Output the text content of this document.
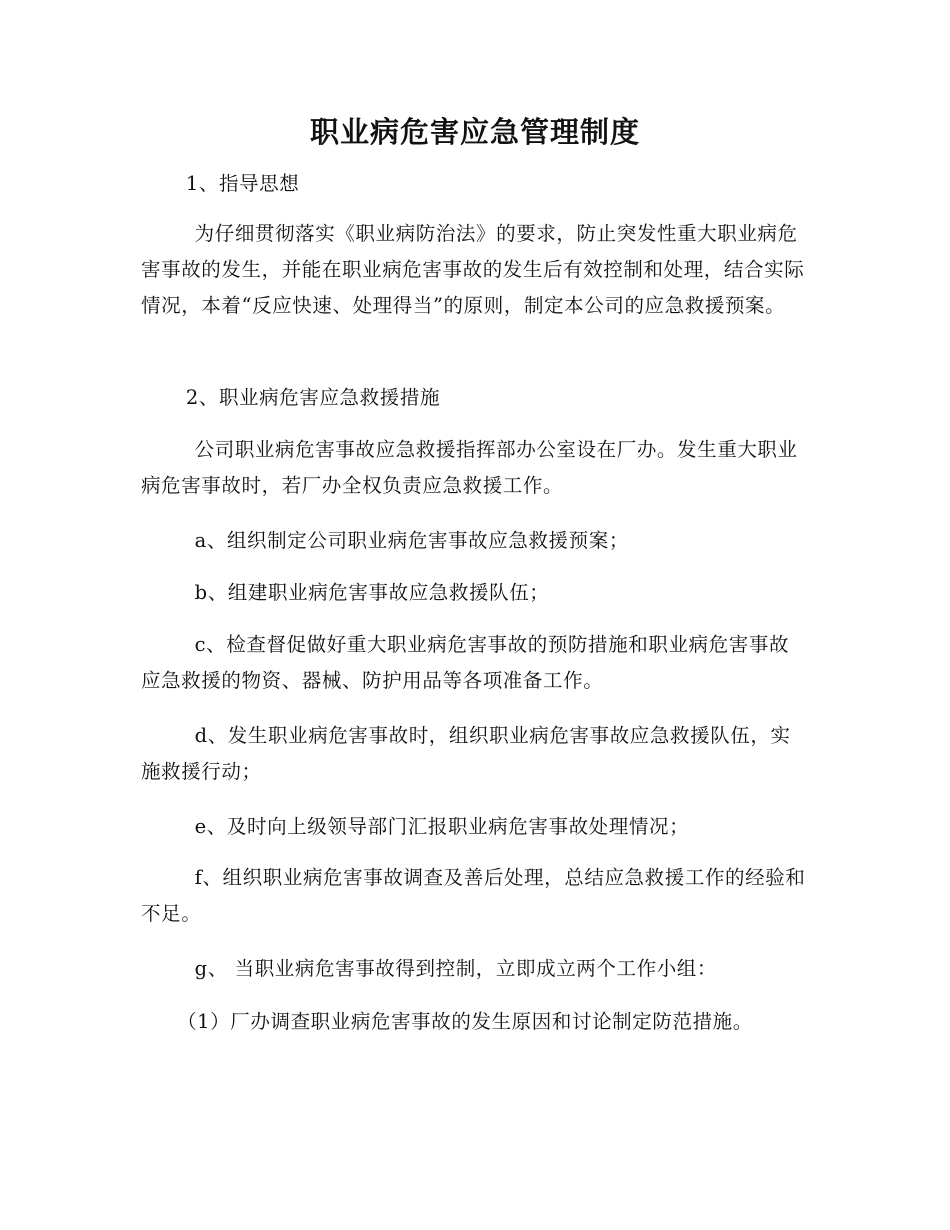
职业病危害应急管理制度
1、指导思想
为仔细贯彻落实《职业病防治法》的要求，防止突发性重大职业病危害事故的发生，并能在职业病危害事故的发生后有效控制和处理，结合实际情况，本着“反应快速、处理得当”的原则，制定本公司的应急救援预案。
2、职业病危害应急救援措施
公司职业病危害事故应急救援指挥部办公室设在厂办。发生重大职业病危害事故时，若厂办全权负责应急救援工作。
a、组织制定公司职业病危害事故应急救援预案；
b、组建职业病危害事故应急救援队伍；
c、检查督促做好重大职业病危害事故的预防措施和职业病危害事故应急救援的物资、器械、防护用品等各项准备工作。
d、发生职业病危害事故时，组织职业病危害事故应急救援队伍，实施救援行动；
e、及时向上级领导部门汇报职业病危害事故处理情况；
f、组织职业病危害事故调查及善后处理，总结应急救援工作的经验和不足。
g、 当职业病危害事故得到控制，立即成立两个工作小组：
（1）厂办调查职业病危害事故的发生原因和讨论制定防范措施。
